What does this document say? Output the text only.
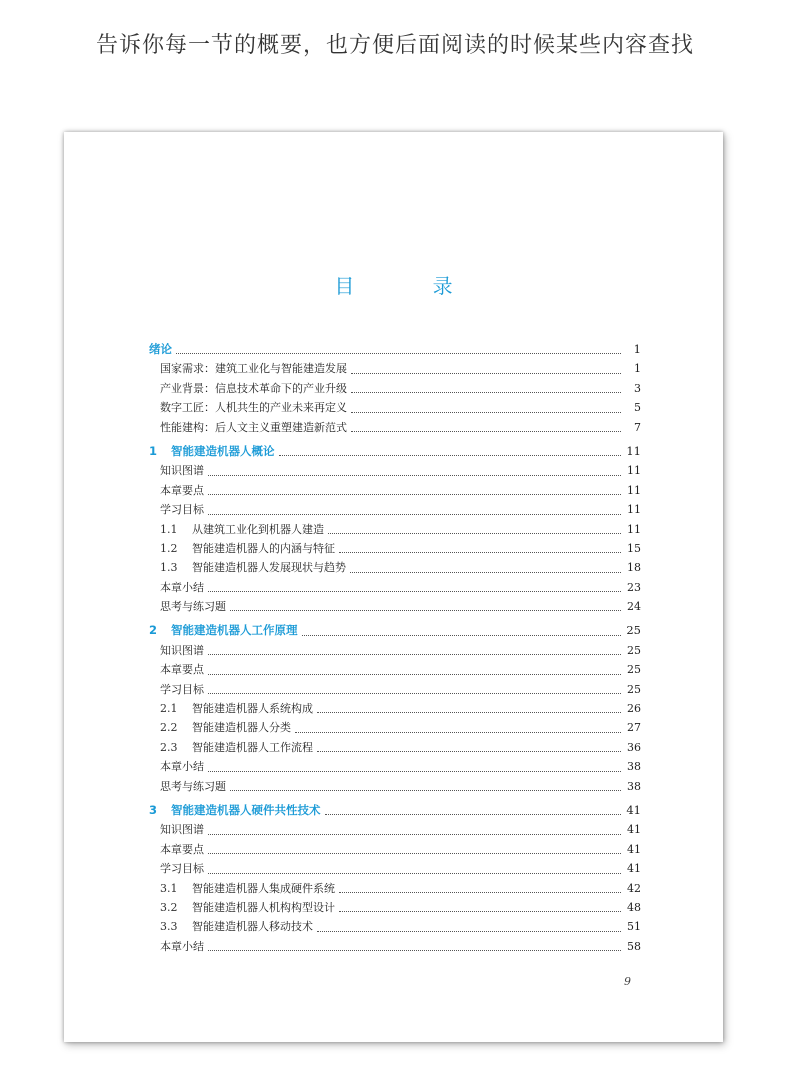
告诉你每一节的概要，也方便后面阅读的时候某些内容查找
目 录
绪论	1
国家需求：建筑工业化与智能建造发展	1
产业背景：信息技术革命下的产业升级	3
数字工匠：人机共生的产业未来再定义	5
性能建构：后人文主义重塑建造新范式	7
1	智能建造机器人概论	11
知识图谱	11
本章要点	11
学习目标	11
1.1	从建筑工业化到机器人建造	11
1.2	智能建造机器人的内涵与特征	15
1.3	智能建造机器人发展现状与趋势	18
本章小结	23
思考与练习题	24
2	智能建造机器人工作原理	25
知识图谱	25
本章要点	25
学习目标	25
2.1	智能建造机器人系统构成	26
2.2	智能建造机器人分类	27
2.3	智能建造机器人工作流程	36
本章小结	38
思考与练习题	38
3	智能建造机器人硬件共性技术	41
知识图谱	41
本章要点	41
学习目标	41
3.1	智能建造机器人集成硬件系统	42
3.2	智能建造机器人机构构型设计	48
3.3	智能建造机器人移动技术	51
本章小结	58
9
